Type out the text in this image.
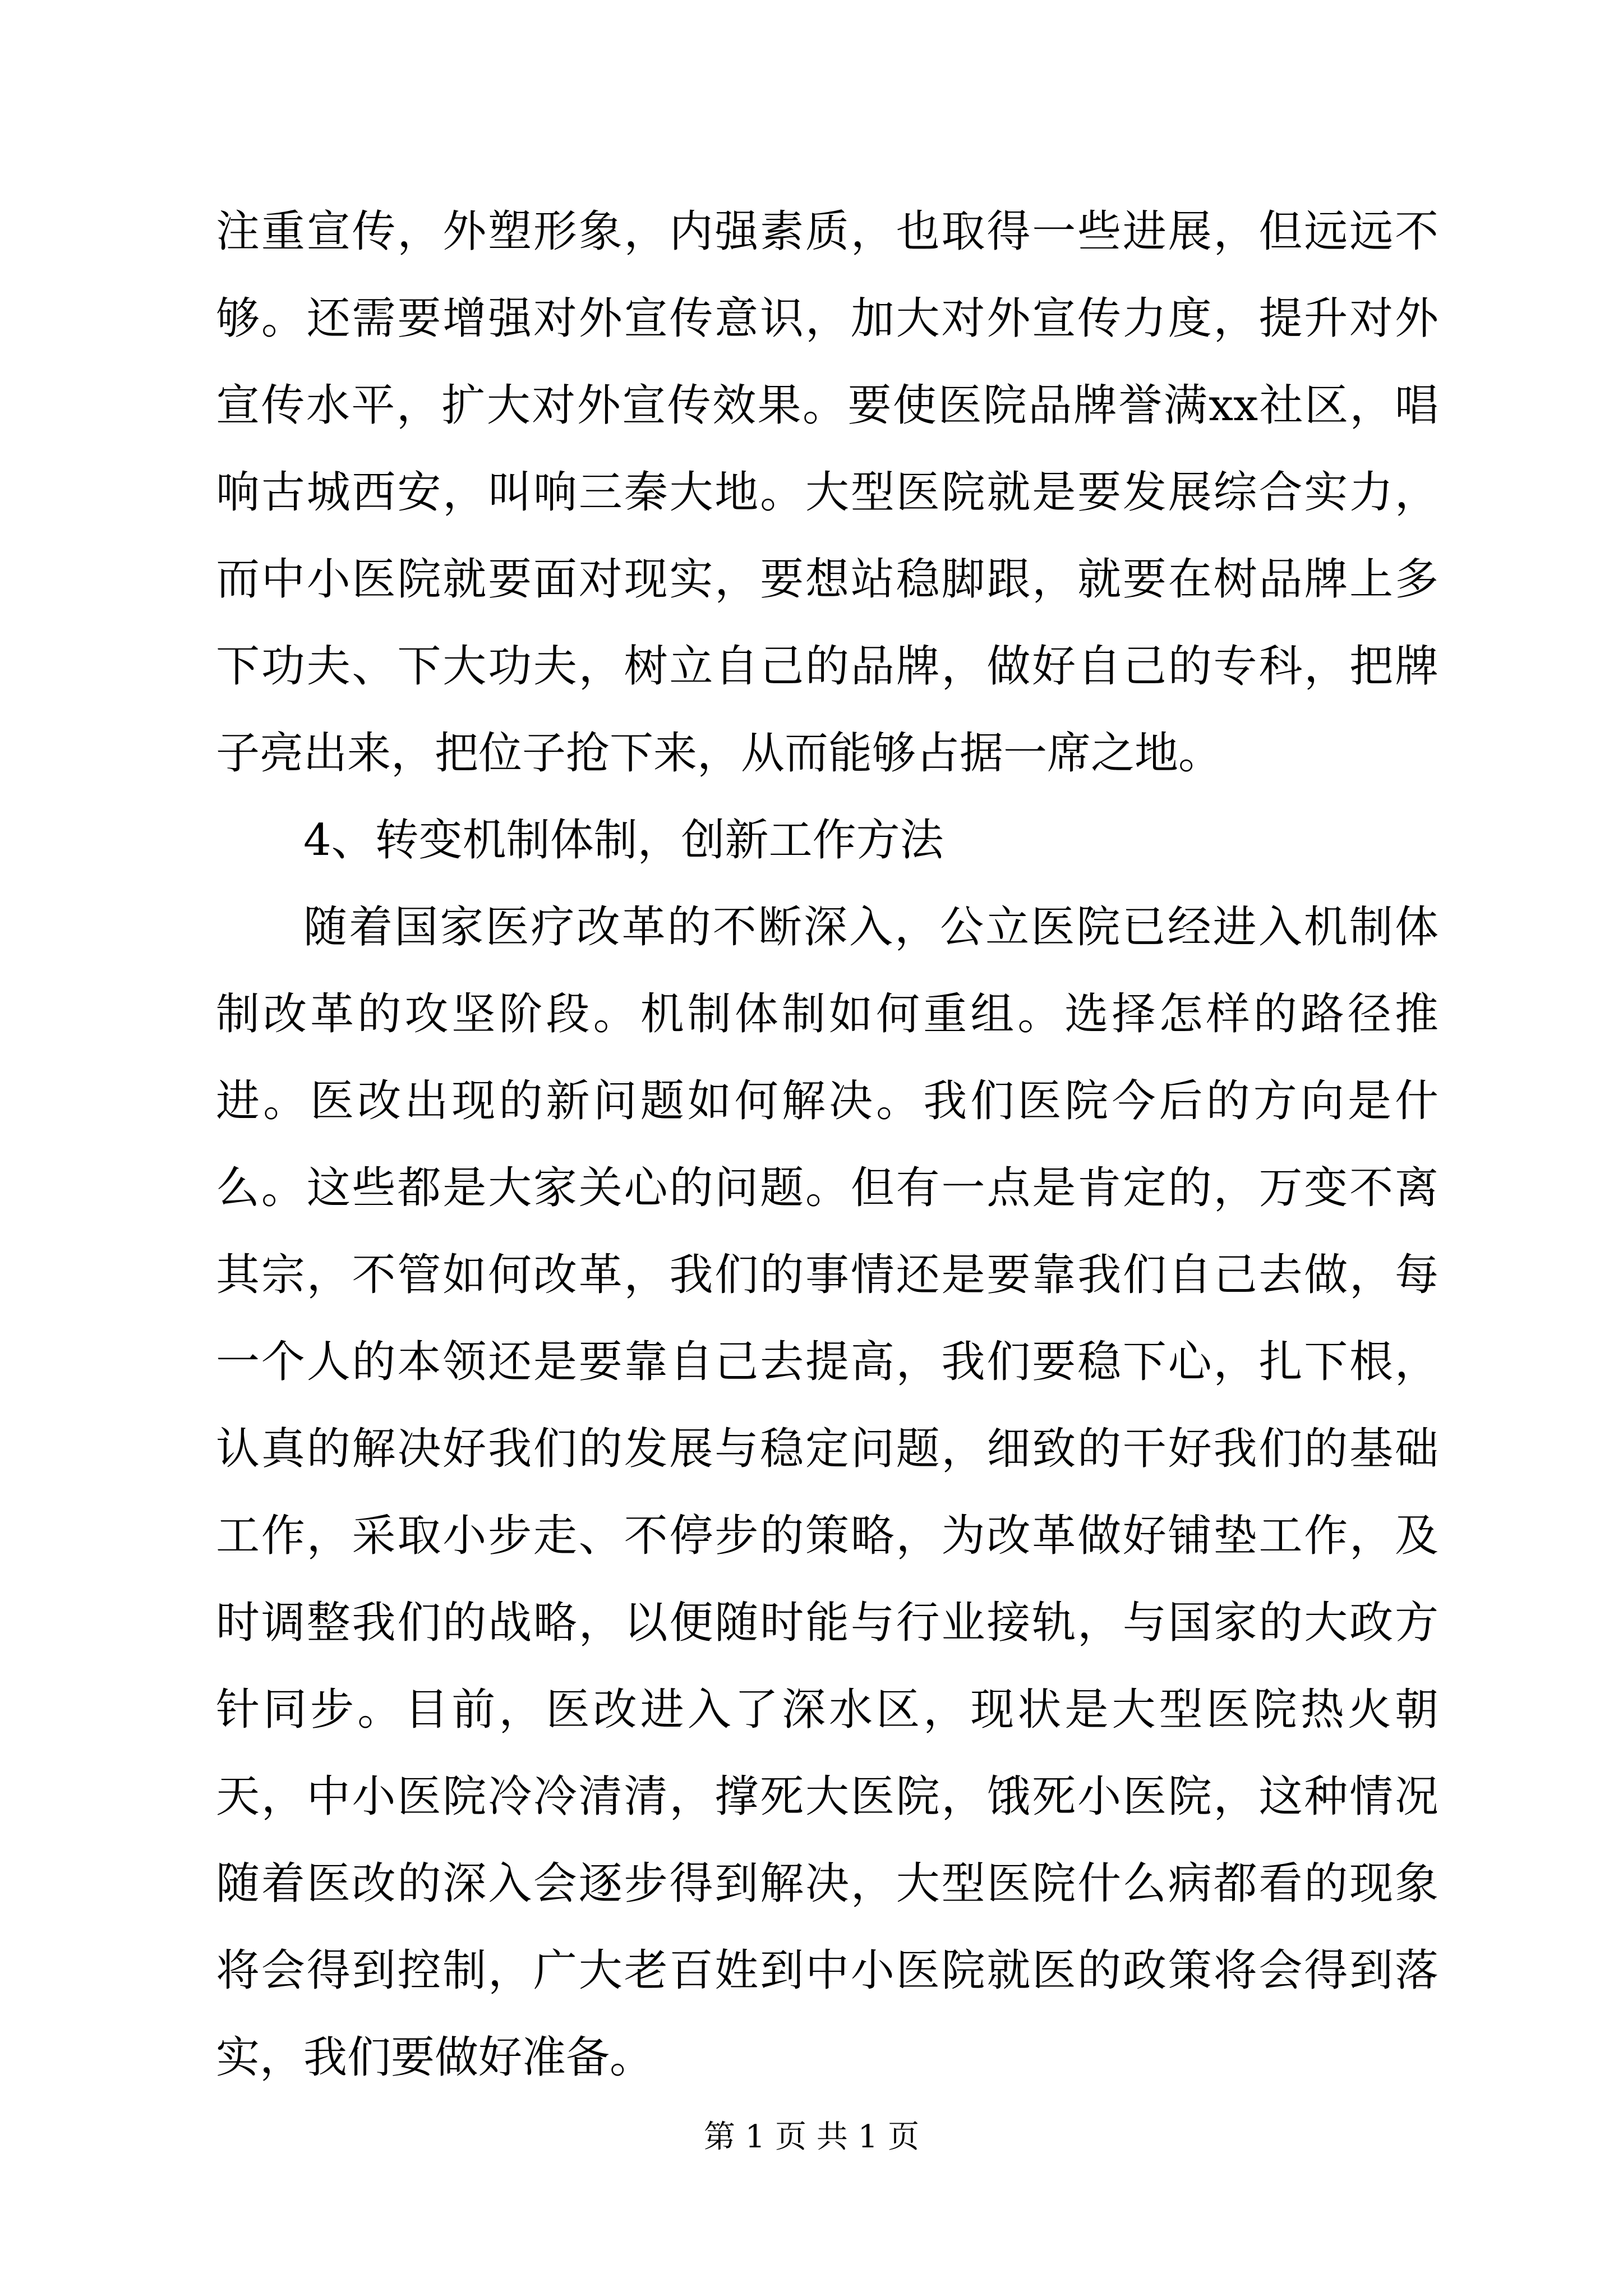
注重宣传，外塑形象，内强素质，也取得一些进展，但远远不够。还需要增强对外宣传意识，加大对外宣传力度，提升对外宣传水平，扩大对外宣传效果。要使医院品牌誉满xx社区，唱响古城西安，叫响三秦大地。大型医院就是要发展综合实力，而中小医院就要面对现实，要想站稳脚跟，就要在树品牌上多下功夫、下大功夫，树立自己的品牌，做好自己的专科，把牌子亮出来，把位子抢下来，从而能够占据一席之地。

4、转变机制体制，创新工作方法

随着国家医疗改革的不断深入，公立医院已经进入机制体制改革的攻坚阶段。机制体制如何重组。选择怎样的路径推进。医改出现的新问题如何解决。我们医院今后的方向是什么。这些都是大家关心的问题。但有一点是肯定的，万变不离其宗，不管如何改革，我们的事情还是要靠我们自己去做，每一个人的本领还是要靠自己去提高，我们要稳下心，扎下根，认真的解决好我们的发展与稳定问题，细致的干好我们的基础工作，采取小步走、不停步的策略，为改革做好铺垫工作，及时调整我们的战略，以便随时能与行业接轨，与国家的大政方针同步。目前，医改进入了深水区，现状是大型医院热火朝天，中小医院冷冷清清，撑死大医院，饿死小医院，这种情况随着医改的深入会逐步得到解决，大型医院什么病都看的现象将会得到控制，广大老百姓到中小医院就医的政策将会得到落实，我们要做好准备。

第 1 页 共 1 页
